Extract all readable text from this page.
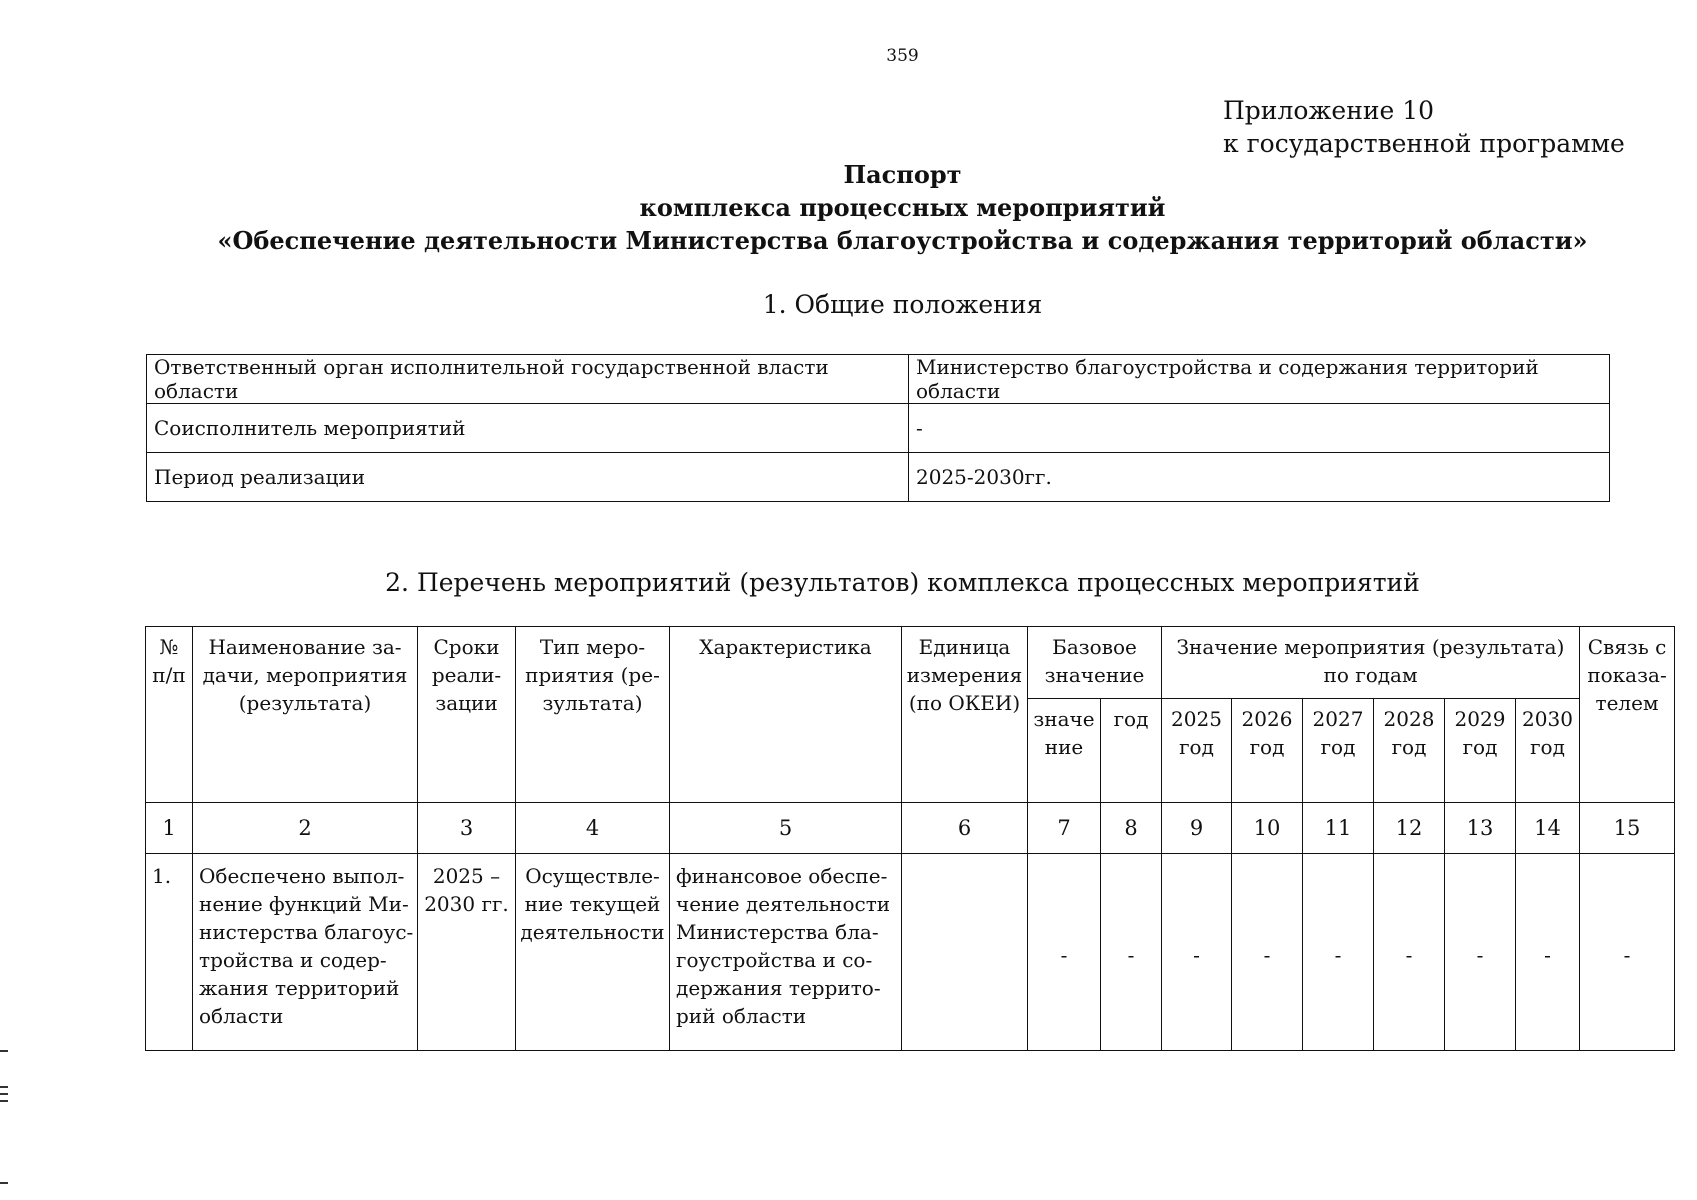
359
Приложение 10
к государственной программе
Паспорт
комплекса процессных мероприятий
«Обеспечение деятельности Министерства благоустройства и содержания территорий области»
1. Общие положения
Ответственный орган исполнительной государственной власти области	Министерство благоустройства и содержания территорий области
Соисполнитель мероприятий	-
Период реализации	2025-2030гг.
2. Перечень мероприятий (результатов) комплекса процессных мероприятий
№ п/п	Наименование за-дачи, мероприятия (результата)	Сроки реали-зации	Тип меро-приятия (ре-зультата)	Характеристика	Единица измерения (по ОКЕИ)	Базовое значение		Значение мероприятия (результата) по годам						Связь с показа-телем
						значе ние	год	2025 год	2026 год	2027 год	2028 год	2029 год	2030 год	
1	2	3	4	5	6	7	8	9	10	11	12	13	14	15
1.	Обеспечено выпол-нение функций Ми-нистерства благоус-тройства и содер-жания территорий области	2025 – 2030 гг.	Осуществле-ние текущей деятельности	финансовое обеспе-чение деятельности Министерства бла-гоустройства и со-держания террито-рий области		-	-	-	-	-	-	-	-	-
